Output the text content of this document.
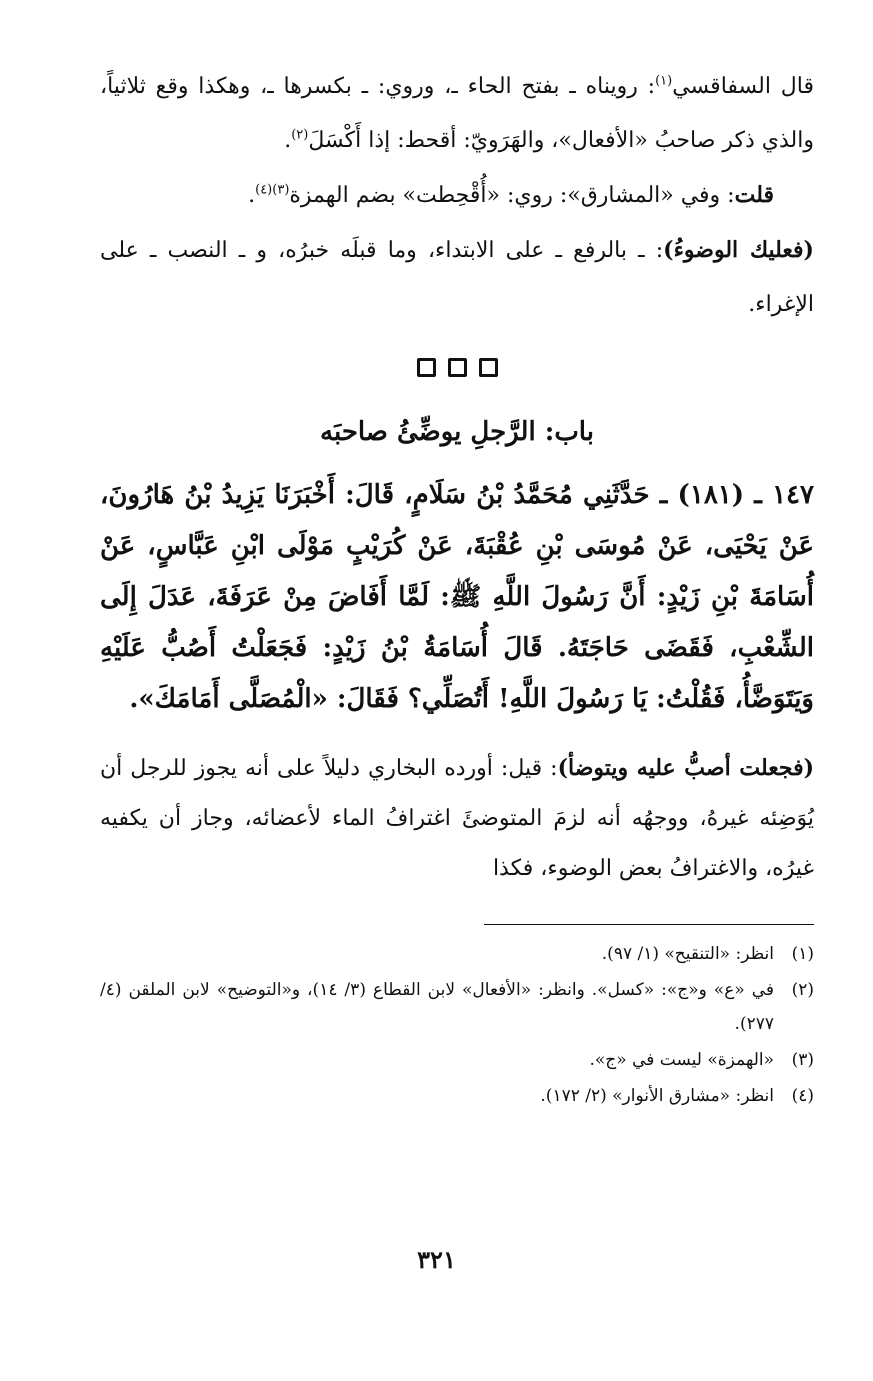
قال السفاقسي$^{(١)}$: رويناه ـ بفتح الحاء ـ، وروي: ـ بكسرها ـ، وهكذا وقع ثلاثياً، والذي ذكر صاحبُ «الأفعال»، والهَرَويّ: أقحط: إذا أَكْسَلَ$^{(٢)}$.

قلت: وفي «المشارق»: روي: «أُقْحِطت» بضم الهمزة$^{(٣)(٤)}$.

(فعليك الوضوءُ): ـ بالرفع ـ على الابتداء، وما قبلَه خبرُه، و ـ النصب ـ على الإغراء.

باب: الرَّجلِ يوضِّئُ صاحبَه

١٤٧ ـ (١٨١) ـ حَدَّثَنِي مُحَمَّدُ بْنُ سَلَامٍ، قَالَ: أَخْبَرَنَا يَزِيدُ بْنُ هَارُونَ، عَنْ يَحْيَى، عَنْ مُوسَى بْنِ عُقْبَةَ، عَنْ كُرَيْبٍ مَوْلَى ابْنِ عَبَّاسٍ، عَنْ أُسَامَةَ بْنِ زَيْدٍ: أَنَّ رَسُولَ اللَّهِ ﷺ: لَمَّا أَفَاضَ مِنْ عَرَفَةَ، عَدَلَ إِلَى الشِّعْبِ، فَقَضَى حَاجَتَهُ. قَالَ أُسَامَةُ بْنُ زَيْدٍ: فَجَعَلْتُ أَصُبُّ عَلَيْهِ وَيَتَوَضَّأُ، فَقُلْتُ: يَا رَسُولَ اللَّهِ! أَتُصَلِّي؟ فَقَالَ: «الْمُصَلَّى أَمَامَكَ».

(فجعلت أصبُّ عليه ويتوضأ): قيل: أورده البخاري دليلاً على أنه يجوز للرجل أن يُوَضِئه غيرهُ، ووجهُه أنه لزمَ المتوضئَ اغترافُ الماء لأعضائه، وجاز أن يكفيه غيرُه، والاغترافُ بعض الوضوء، فكذا

(١)
انظر: «التنقيح» (١/ ٩٧).
(٢)
في «ع» و«ج»: «كسل». وانظر: «الأفعال» لابن القطاع (٣/ ١٤)، و«التوضيح» لابن الملقن (٤/ ٢٧٧).
(٣)
«الهمزة» ليست في «ج».
(٤)
انظر: «مشارق الأنوار» (٢/ ١٧٢).
٣٢١
